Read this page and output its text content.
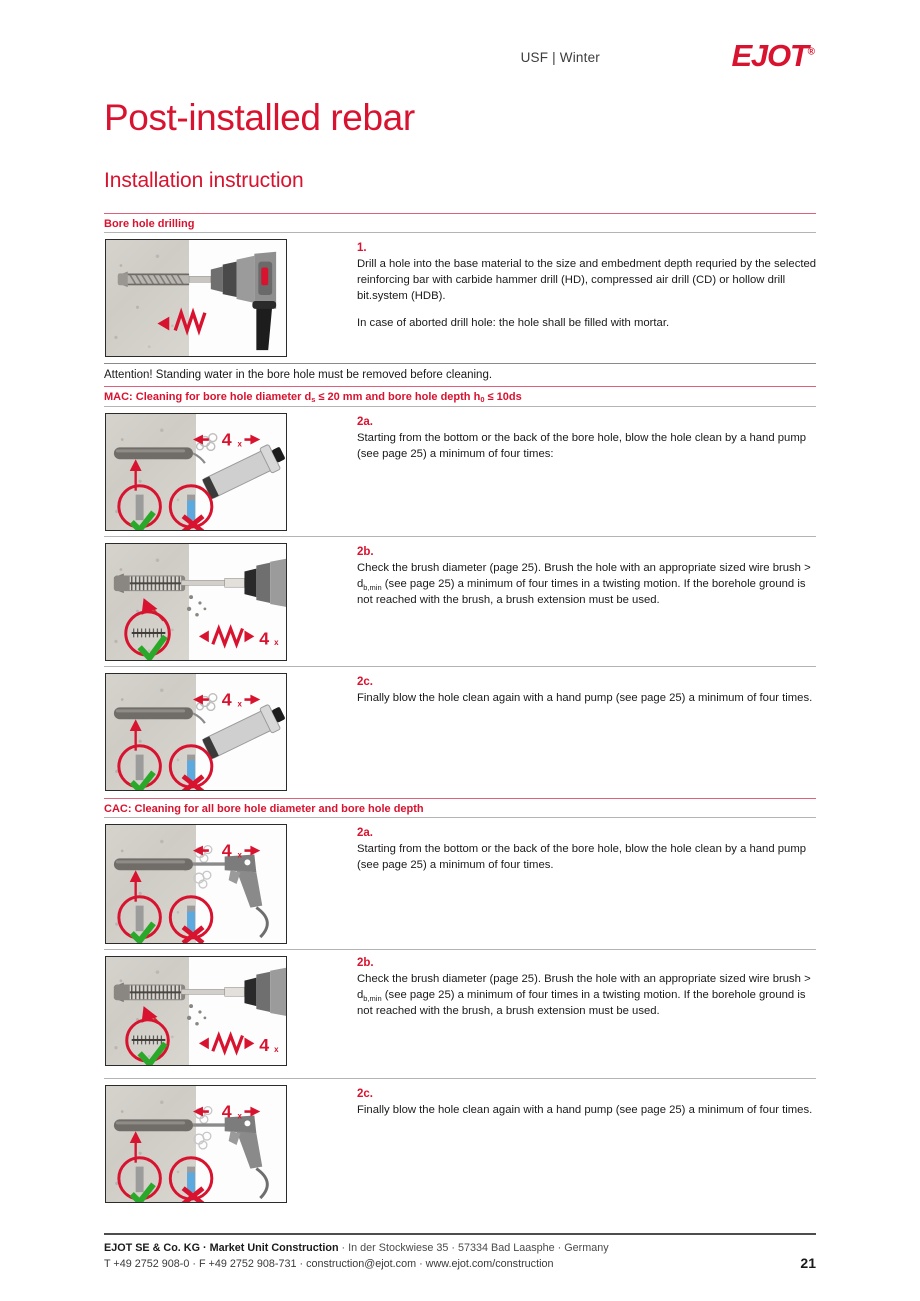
USF | Winter	EJOT®
Post-installed rebar
Installation instruction
Bore hole drilling
1.

Drill a hole into the base material to the size and embedment depth requried by the selected reinforcing bar with carbide hammer drill (HD), compressed air drill (CD) or hollow drill bit.system (HDB).

In case of aborted drill hole: the hole shall be filled with mortar.

Attention! Standing water in the bore hole must be removed before cleaning.
MAC: Cleaning for bore hole diameter $d_s \le 20$ mm and bore hole depth $h_0 \le 10ds$
4 x
2a.

Starting from the bottom or the back of the bore hole, blow the hole clean by a hand pump (see page 25) a minimum of four times:

4 x
2b.

Check the brush diameter (page 25). Brush the hole with an appropriate sized wire brush > $d_{b,min}$ (see page 25) a minimum of four times in a twisting motion. If the borehole ground is not reached with the brush, a brush extension must be used.

4 x
2c.

Finally blow the hole clean again with a hand pump (see page 25) a minimum of four times.

CAC: Cleaning for all bore hole diameter and bore hole depth
4 x
2a.

Starting from the bottom or the back of the bore hole, blow the hole clean by a hand pump (see page 25) a minimum of four times.

4 x
2b.

Check the brush diameter (page 25). Brush the hole with an appropriate sized wire brush > $d_{b,min}$ (see page 25) a minimum of four times in a twisting motion. If the borehole ground is not reached with the brush, a brush extension must be used.

4 x
2c.

Finally blow the hole clean again with a hand pump (see page 25) a minimum of four times.

EJOT SE & Co. KG · Market Unit Construction · In der Stockwiese 35 · 57334 Bad Laasphe · Germany
T +49 2752 908-0 · F +49 2752 908-731 · construction@ejot.com · www.ejot.com/construction	21
